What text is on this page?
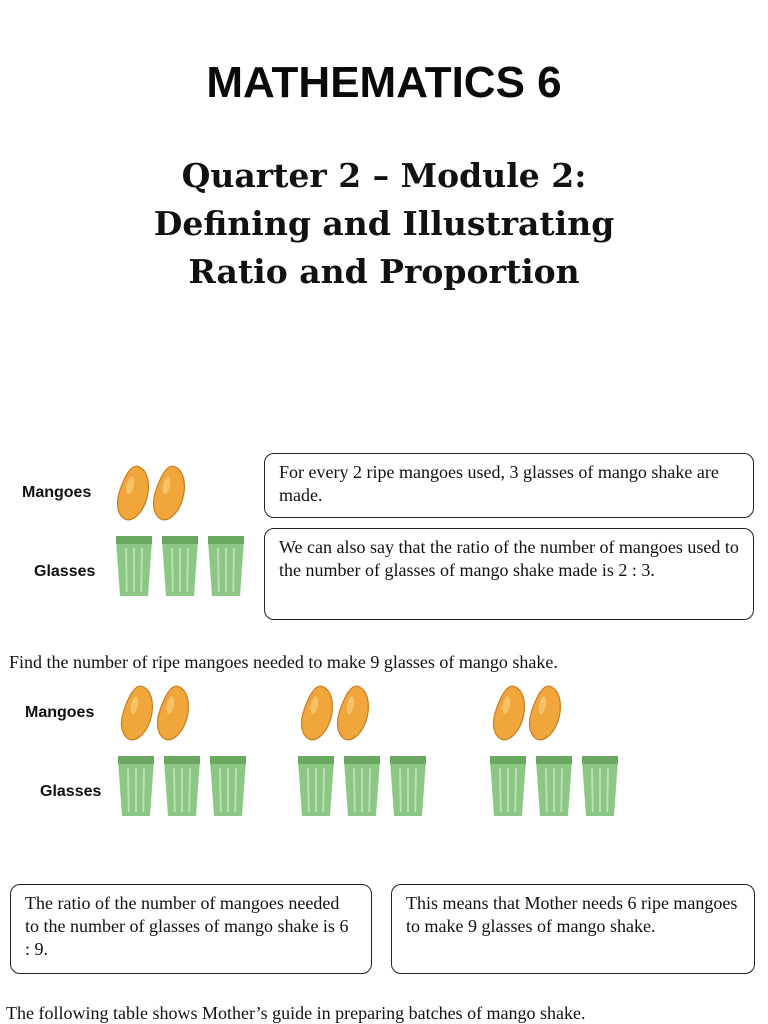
MATHEMATICS 6
Quarter 2 – Module 2:
Defining and Illustrating
Ratio and Proportion
Mangoes
Glasses
For every 2 ripe mangoes used, 3 glasses of mango shake are made.
We can also say that the ratio of the number of mangoes used to the number of glasses of mango shake made is 2 : 3.
Find the number of ripe mangoes needed to make 9 glasses of mango shake.
Mangoes
Glasses
The ratio of the number of mangoes needed to the number of glasses of mango shake is 6 : 9.
This means that Mother needs 6 ripe mangoes to make 9 glasses of mango shake.
The following table shows Mother’s guide in preparing batches of mango shake.
